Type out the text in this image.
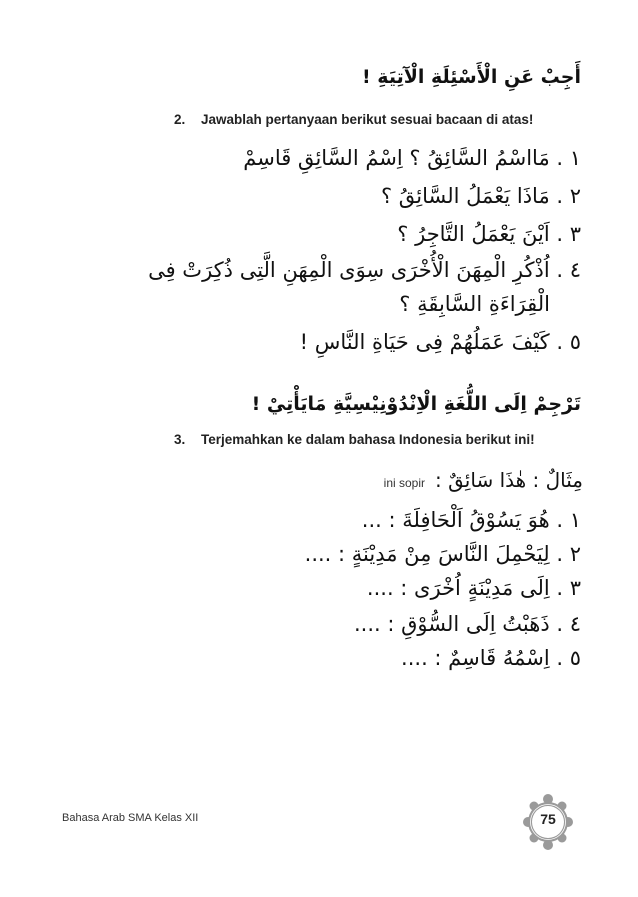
أَجِبْ عَنِ الْأَسْئِلَةِ الْآتِيَةِ !
2. Jawablah pertanyaan berikut sesuai bacaan di atas!
١ . مَااسْمُ السَّائِقُ ؟ اِسْمُ السَّائِقِ قَاسِمْ
٢ . مَاذَا يَعْمَلُ السَّائِقُ ؟
٣ . اَيْنَ يَعْمَلُ التَّاجِرُ ؟
٤ . اُذْكُرِ الْمِهَنَ الْأُخْرَى سِوَى الْمِهَنِ الَّتِى ذُكِرَتْ فِى
الْقِرَاءَةِ السَّابِقَةِ ؟
٥ . كَيْفَ عَمَلُهُمْ فِى حَيَاةِ النَّاسِ !
تَرْجِمْ اِلَى اللُّغَةِ الْاِنْدُوْنِيْسِيَّةِ مَايَأْتِيْ !
3. Terjemahkan ke dalam bahasa Indonesia berikut ini!
ini sopir مِثَالٌ : هٰذَا سَائِقٌ :
١ . هُوَ يَسُوْقُ اَلْحَافِلَةَ : ...
٢ . لِيَحْمِلَ النَّاسَ مِنْ مَدِيْنَةٍ : ....
٣ . اِلَى مَدِيْنَةٍ اُخْرَى : ....
٤ . ذَهَبْتُ اِلَى السُّوْقِ : ....
٥ . اِسْمُهُ قَاسِمٌ : ....
Bahasa Arab SMA Kelas XII	75
